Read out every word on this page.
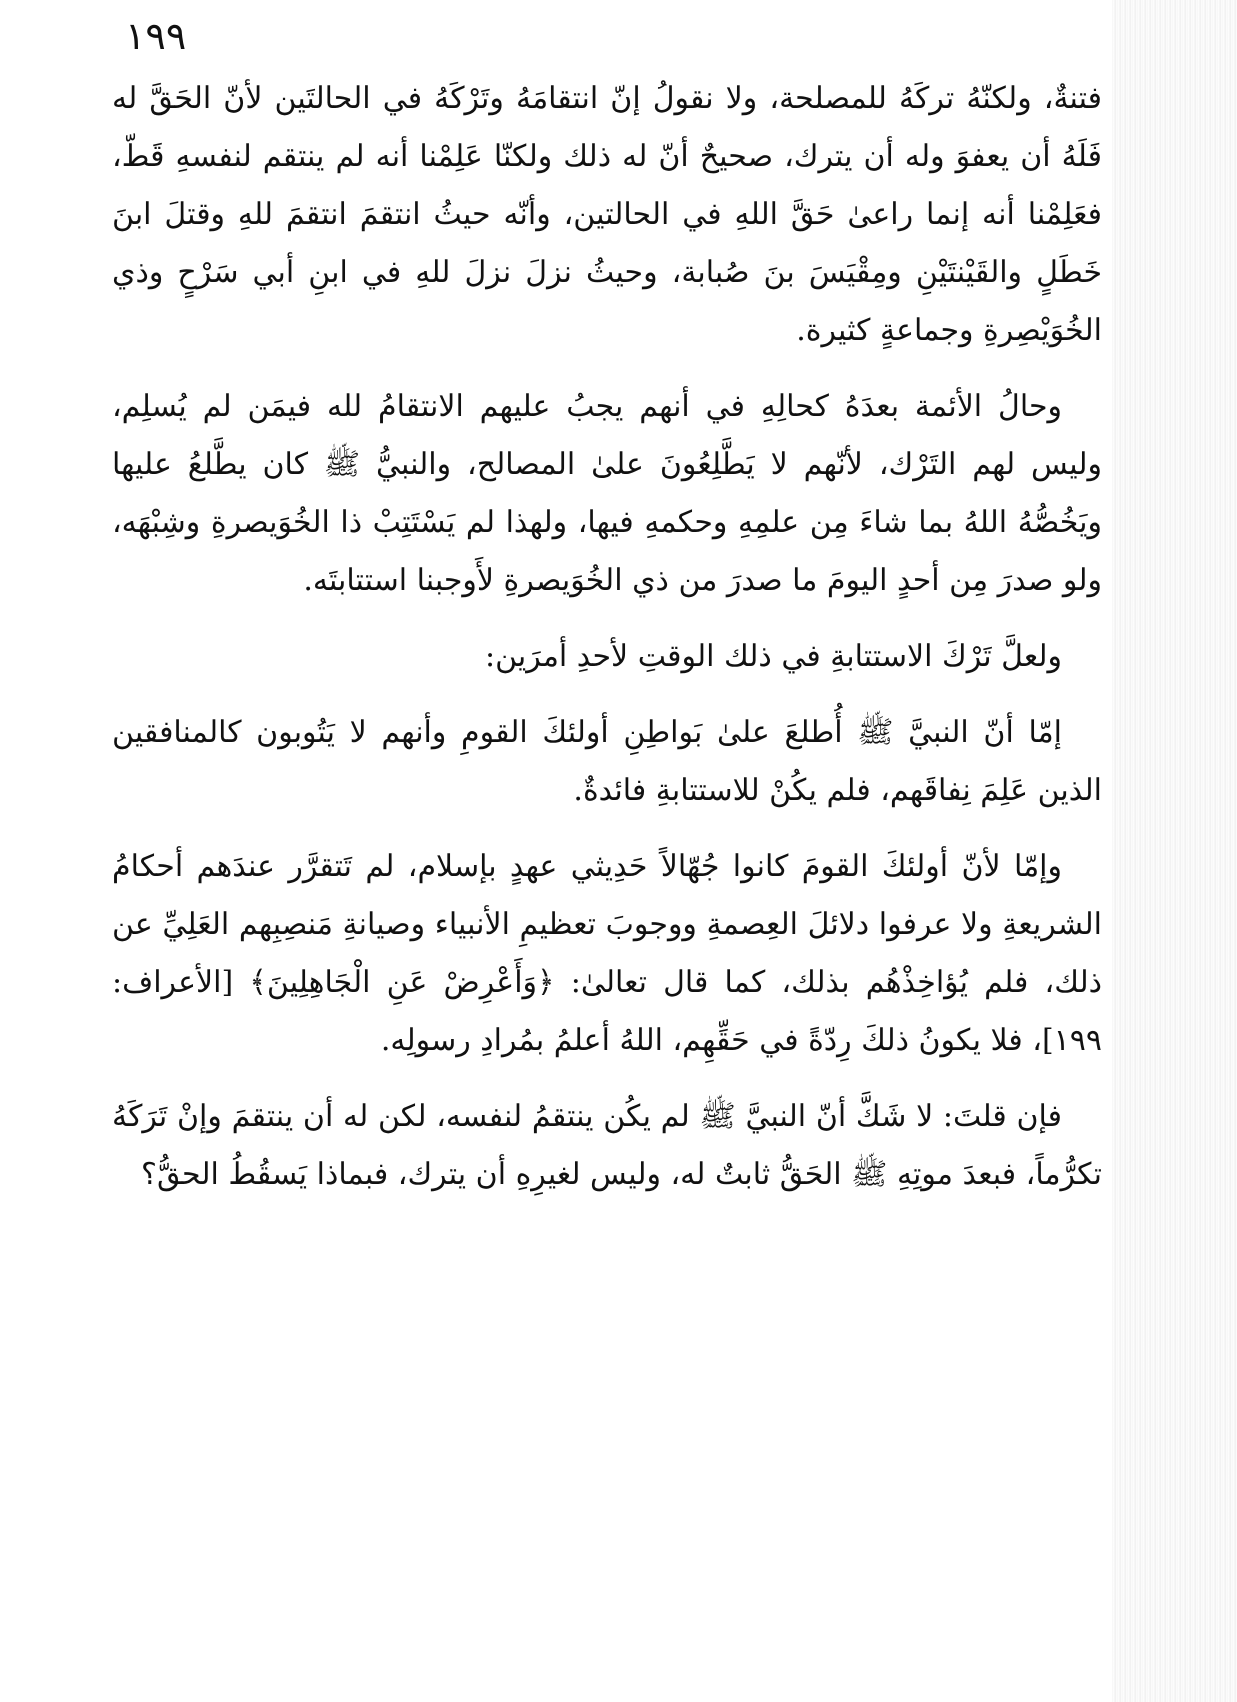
١٩٩

فتنةٌ، ولكنّهُ تركَهُ للمصلحة، ولا نقولُ إنّ انتقامَهُ وتَرْكَهُ في الحالتَين لأنّ الحَقَّ له فَلَهُ أن يعفوَ وله أن يترك، صحيحٌ أنّ له ذلك ولكنّا عَلِمْنا أنه لم ينتقم لنفسهِ قَطّ، فعَلِمْنا أنه إنما راعىٰ حَقَّ اللهِ في الحالتين، وأنّه حيثُ انتقمَ انتقمَ للهِ وقتلَ ابنَ خَطَلٍ والقَيْنتَيْنِ ومِقْيَسَ بنَ صُبابة، وحيثُ نزلَ نزلَ للهِ في ابنِ أبي سَرْحٍ وذي الخُوَيْصِرةِ وجماعةٍ كثيرة.

وحالُ الأئمة بعدَهُ كحالِهِ في أنهم يجبُ عليهم الانتقامُ لله فيمَن لم يُسلِم، وليس لهم التَرْك، لأنّهم لا يَطَّلِعُونَ علىٰ المصالح، والنبيُّ ﷺ كان يطَّلعُ عليها ويَخُصُّهُ اللهُ بما شاءَ مِن علمِهِ وحكمهِ فيها، ولهذا لم يَسْتَتِبْ ذا الخُوَيصرةِ وشِبْهَه، ولو صدرَ مِن أحدٍ اليومَ ما صدرَ من ذي الخُوَيصرةِ لأَوجبنا استتابتَه.

ولعلَّ تَرْكَ الاستتابةِ في ذلك الوقتِ لأحدِ أمرَين:

إمّا أنّ النبيَّ ﷺ أُطلعَ علىٰ بَواطِنِ أولئكَ القومِ وأنهم لا يَتُوبون كالمنافقين الذين عَلِمَ نِفاقَهم، فلم يكُنْ للاستتابةِ فائدةٌ.

وإمّا لأنّ أولئكَ القومَ كانوا جُهّالاً حَدِيثي عهدٍ بإسلام، لم تَتقرَّر عندَهم أحكامُ الشريعةِ ولا عرفوا دلائلَ العِصمةِ ووجوبَ تعظيمِ الأنبياء وصيانةِ مَنصِبِهم العَلِيِّ عن ذلك، فلم يُؤاخِذْهُم بذلك، كما قال تعالىٰ: ﴿وَأَعْرِضْ عَنِ الْجَاهِلِينَ﴾ [الأعراف: ١٩٩]، فلا يكونُ ذلكَ رِدّةً في حَقِّهِم، اللهُ أعلمُ بمُرادِ رسولِه.

فإن قلتَ: لا شَكَّ أنّ النبيَّ ﷺ لم يكُن ينتقمُ لنفسه، لكن له أن ينتقمَ وإنْ تَرَكَهُ تكرُّماً، فبعدَ موتِهِ ﷺ الحَقُّ ثابتٌ له، وليس لغيرِهِ أن يترك، فبماذا يَسقُطُ الحقُّ؟
